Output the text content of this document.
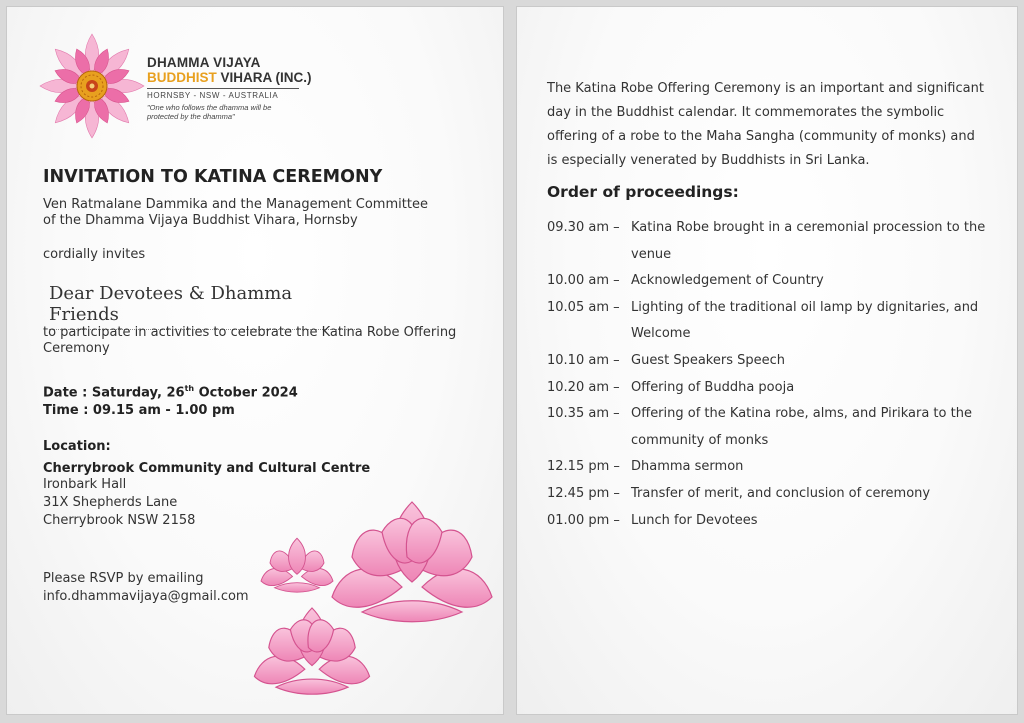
DHAMMA VIJAYA
BUDDHIST VIHARA (INC.)
HORNSBY - NSW - AUSTRALIA
"One who follows the dhamma will be protected by the dhamma"
INVITATION TO KATINA CEREMONY
Ven Ratmalane Dammika and the Management Committee
of the Dhamma Vijaya Buddhist Vihara, Hornsby
cordially invites
Dear Devotees & Dhamma Friends
to participate in activities to celebrate the Katina Robe Offering
Ceremony
Date : Saturday, 26th October 2024
Time : 09.15 am - 1.00 pm
Location:
Cherrybrook Community and Cultural Centre
Ironbark Hall
31X Shepherds Lane
Cherrybrook NSW 2158
Please RSVP by emailing
info.dhammavijaya@gmail.com
The Katina Robe Offering Ceremony is an important and significant day in the Buddhist calendar. It commemorates the symbolic offering of a robe to the Maha Sangha (community of monks) and is especially venerated by Buddhists in Sri Lanka.
Order of proceedings:
09.30 am – Katina Robe brought in a ceremonial procession to the venue
10.00 am – Acknowledgement of Country
10.05 am – Lighting of the traditional oil lamp by dignitaries, and Welcome
10.10 am – Guest Speakers Speech
10.20 am – Offering of Buddha pooja
10.35 am – Offering of the Katina robe, alms, and Pirikara to the community of monks
12.15 pm – Dhamma sermon
12.45 pm – Transfer of merit, and conclusion of ceremony
01.00 pm – Lunch for Devotees
